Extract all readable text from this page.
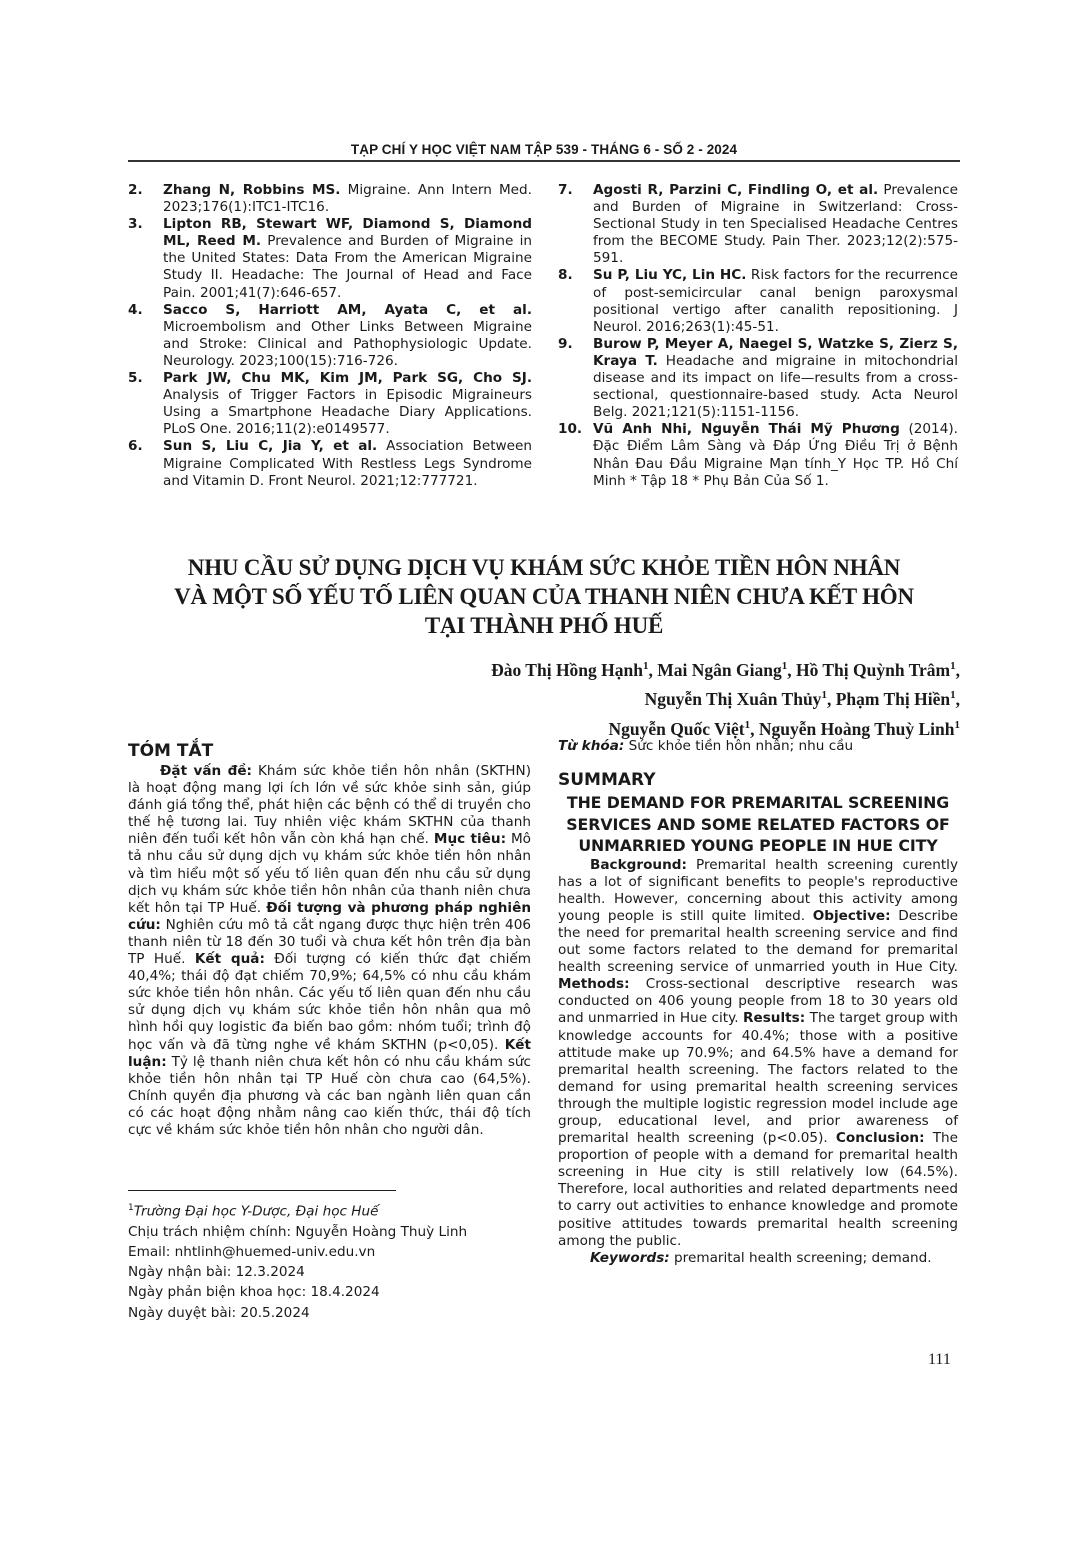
TẠP CHÍ Y HỌC VIỆT NAM TẬP 539 - THÁNG 6 - SỐ 2 - 2024
2.	Zhang N, Robbins MS. Migraine. Ann Intern Med. 2023;176(1):ITC1-ITC16.
3.	Lipton RB, Stewart WF, Diamond S, Diamond ML, Reed M. Prevalence and Burden of Migraine in the United States: Data From the American Migraine Study II. Headache: The Journal of Head and Face Pain. 2001;41(7):646-657.
4.	Sacco S, Harriott AM, Ayata C, et al. Microembolism and Other Links Between Migraine and Stroke: Clinical and Pathophysiologic Update. Neurology. 2023;100(15):716-726.
5.	Park JW, Chu MK, Kim JM, Park SG, Cho SJ. Analysis of Trigger Factors in Episodic Migraineurs Using a Smartphone Headache Diary Applications. PLoS One. 2016;11(2):e0149577.
6.	Sun S, Liu C, Jia Y, et al. Association Between Migraine Complicated With Restless Legs Syndrome and Vitamin D. Front Neurol. 2021;12:777721.
7.	Agosti R, Parzini C, Findling O, et al. Prevalence and Burden of Migraine in Switzerland: Cross-Sectional Study in ten Specialised Headache Centres from the BECOME Study. Pain Ther. 2023;12(2):575-591.
8.	Su P, Liu YC, Lin HC. Risk factors for the recurrence of post-semicircular canal benign paroxysmal positional vertigo after canalith repositioning. J Neurol. 2016;263(1):45-51.
9.	Burow P, Meyer A, Naegel S, Watzke S, Zierz S, Kraya T. Headache and migraine in mitochondrial disease and its impact on life—results from a cross-sectional, questionnaire-based study. Acta Neurol Belg. 2021;121(5):1151-1156.
10. Vũ Anh Nhi, Nguyễn Thái Mỹ Phương (2014). Đặc Điểm Lâm Sàng và Đáp Ứng Điều Trị ở Bệnh Nhân Đau Đầu Migraine Mạn tính_Y Học TP. Hồ Chí Minh * Tập 18 * Phụ Bản Của Số 1.
NHU CẦU SỬ DỤNG DỊCH VỤ KHÁM SỨC KHỎE TIỀN HÔN NHÂN
VÀ MỘT SỐ YẾU TỐ LIÊN QUAN CỦA THANH NIÊN CHƯA KẾT HÔN
TẠI THÀNH PHỐ HUẾ
Đào Thị Hồng Hạnh$^1$, Mai Ngân Giang$^1$, Hồ Thị Quỳnh Trâm$^1$,
Nguyễn Thị Xuân Thủy$^1$, Phạm Thị Hiền$^1$,
Nguyễn Quốc Việt$^1$, Nguyễn Hoàng Thuỳ Linh$^1$
TÓM TẮT
Đặt vấn đề: Khám sức khỏe tiền hôn nhân (SKTHN) là hoạt động mang lợi ích lớn về sức khỏe sinh sản, giúp đánh giá tổng thể, phát hiện các bệnh có thể di truyền cho thế hệ tương lai. Tuy nhiên việc khám SKTHN của thanh niên đến tuổi kết hôn vẫn còn khá hạn chế. Mục tiêu: Mô tả nhu cầu sử dụng dịch vụ khám sức khỏe tiền hôn nhân và tìm hiểu một số yếu tố liên quan đến nhu cầu sử dụng dịch vụ khám sức khỏe tiền hôn nhân của thanh niên chưa kết hôn tại TP Huế. Đối tượng và phương pháp nghiên cứu: Nghiên cứu mô tả cắt ngang được thực hiện trên 406 thanh niên từ 18 đến 30 tuổi và chưa kết hôn trên địa bàn TP Huế. Kết quả: Đối tượng có kiến thức đạt chiếm 40,4%; thái độ đạt chiếm 70,9%; 64,5% có nhu cầu khám sức khỏe tiền hôn nhân. Các yếu tố liên quan đến nhu cầu sử dụng dịch vụ khám sức khỏe tiền hôn nhân qua mô hình hồi quy logistic đa biến bao gồm: nhóm tuổi; trình độ học vấn và đã từng nghe về khám SKTHN (p<0,05). Kết luận: Tỷ lệ thanh niên chưa kết hôn có nhu cầu khám sức khỏe tiền hôn nhân tại TP Huế còn chưa cao (64,5%). Chính quyền địa phương và các ban ngành liên quan cần có các hoạt động nhằm nâng cao kiến thức, thái độ tích cực về khám sức khỏe tiền hôn nhân cho người dân.
Từ khóa: Sức khỏe tiền hôn nhân; nhu cầu
SUMMARY
THE DEMAND FOR PREMARITAL SCREENING SERVICES AND SOME RELATED FACTORS OF UNMARRIED YOUNG PEOPLE IN HUE CITY
Background: Premarital health screening curently has a lot of significant benefits to people's reproductive health. However, concerning about this activity among young people is still quite limited. Objective: Describe the need for premarital health screening service and find out some factors related to the demand for premarital health screening service of unmarried youth in Hue City. Methods: Cross-sectional descriptive research was conducted on 406 young people from 18 to 30 years old and unmarried in Hue city. Results: The target group with knowledge accounts for 40.4%; those with a positive attitude make up 70.9%; and 64.5% have a demand for premarital health screening. The factors related to the demand for using premarital health screening services through the multiple logistic regression model include age group, educational level, and prior awareness of premarital health screening (p<0.05). Conclusion: The proportion of people with a demand for premarital health screening in Hue city is still relatively low (64.5%). Therefore, local authorities and related departments need to carry out activities to enhance knowledge and promote positive attitudes towards premarital health screening among the public.
Keywords: premarital health screening; demand.
$^1$Trường Đại học Y-Dược, Đại học Huế
Chịu trách nhiệm chính: Nguyễn Hoàng Thuỳ Linh
Email: nhtlinh@huemed-univ.edu.vn
Ngày nhận bài: 12.3.2024
Ngày phản biện khoa học: 18.4.2024
Ngày duyệt bài: 20.5.2024
111
